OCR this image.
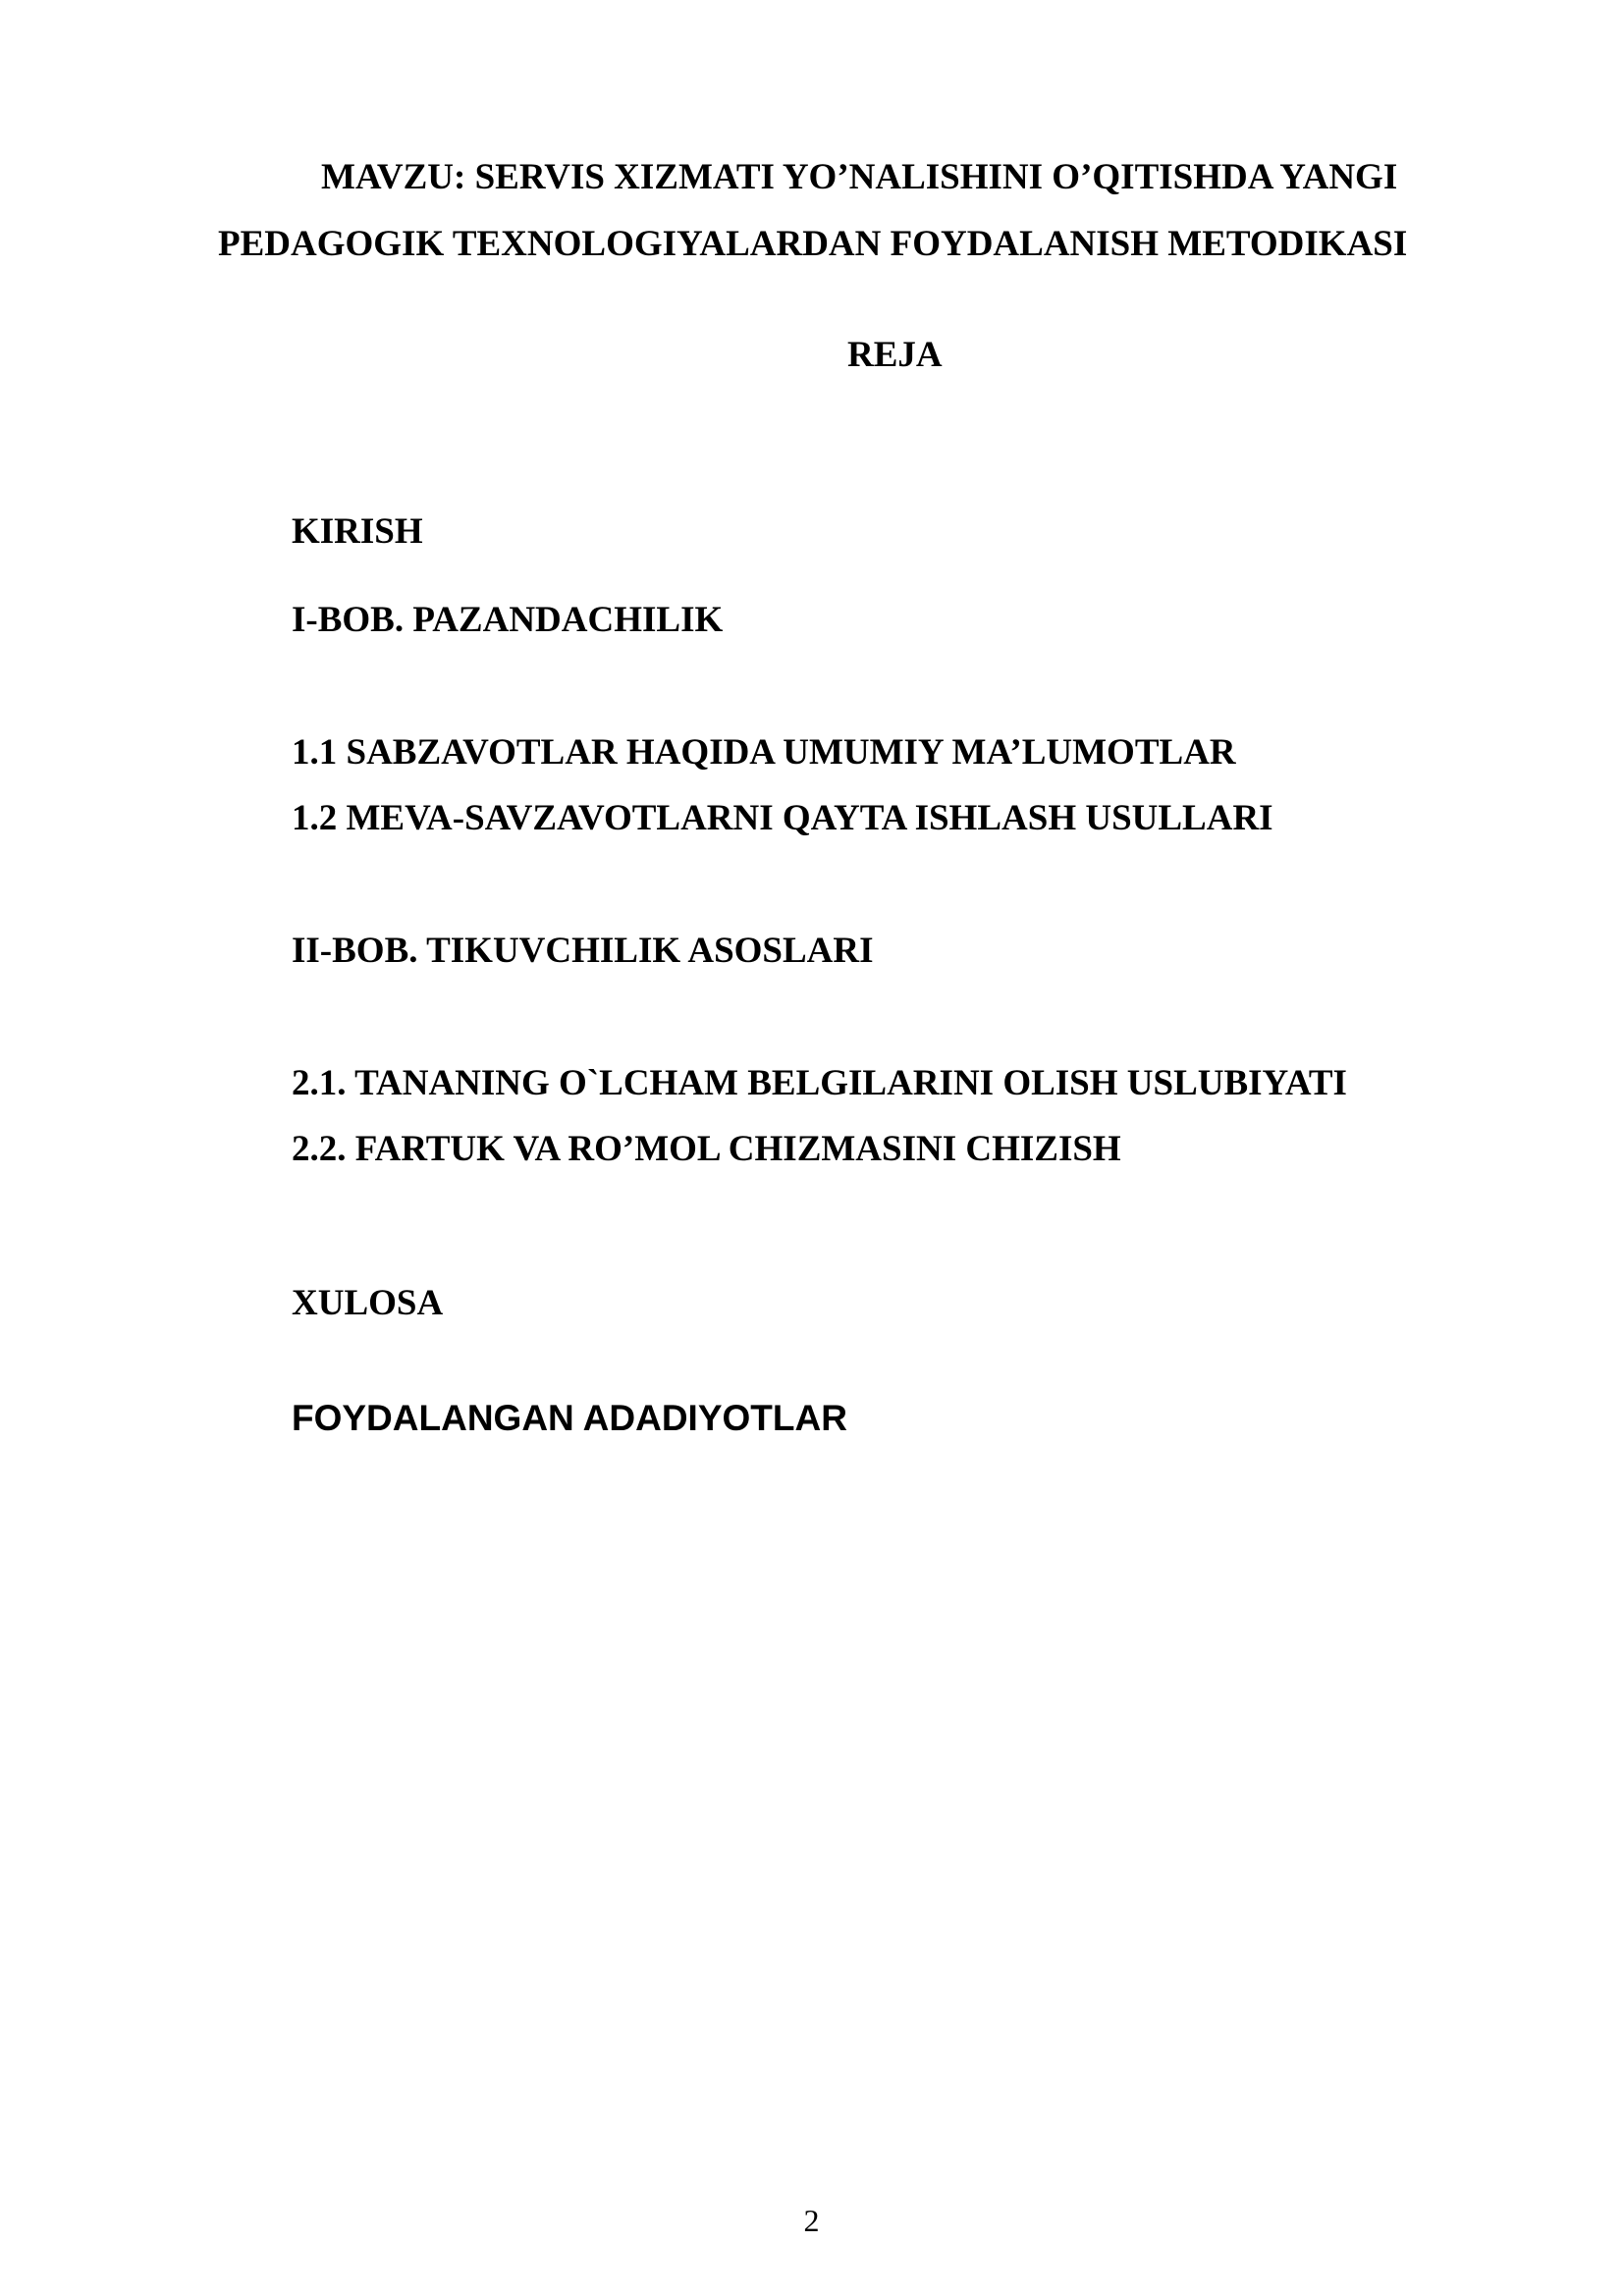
MAVZU: SERVIS XIZMATI YO’NALISHINI O’QITISHDA YANGI

PEDAGOGIK TEXNOLOGIYALARDAN FOYDALANISH METODIKASI

REJA

KIRISH

I-BOB. PAZANDACHILIK

1.1 SABZAVOTLAR HAQIDA UMUMIY MA’LUMOTLAR

1.2 MEVA-SAVZAVOTLARNI QAYTA ISHLASH USULLARI

II-BOB. TIKUVCHILIK ASOSLARI

2.1. TANANING O`LCHAM BELGILARINI OLISH USLUBIYATI

2.2. FARTUK VA RO’MOL CHIZMASINI CHIZISH

XULOSA

FOYDALANGAN ADADIYOTLAR

2
